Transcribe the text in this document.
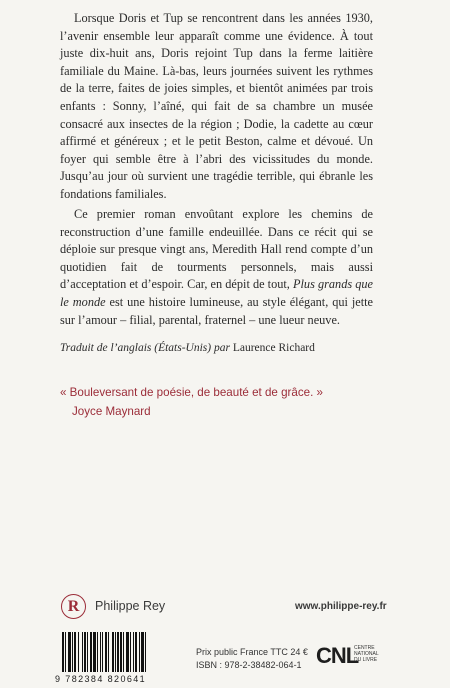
Lorsque Doris et Tup se rencontrent dans les années 1930, l’avenir ensemble leur apparaît comme une évidence. À tout juste dix-huit ans, Doris rejoint Tup dans la ferme laitière familiale du Maine. Là-bas, leurs journées suivent les rythmes de la terre, faites de joies simples, et bientôt animées par trois enfants : Sonny, l’aîné, qui fait de sa chambre un musée consacré aux insectes de la région ; Dodie, la cadette au cœur affirmé et généreux ; et le petit Beston, calme et dévoué. Un foyer qui semble être à l’abri des vicissitudes du monde. Jusqu’au jour où survient une tragédie terrible, qui ébranle les fondations familiales.

Ce premier roman envoûtant explore les chemins de reconstruction d’une famille endeuillée. Dans ce récit qui se déploie sur presque vingt ans, Meredith Hall rend compte d’un quotidien fait de tourments personnels, mais aussi d’acceptation et d’espoir. Car, en dépit de tout, Plus grands que le monde est une histoire lumineuse, au style élégant, qui jette sur l’amour – filial, parental, fraternel – une lueur neuve.

Traduit de l’anglais (États-Unis) par Laurence Richard

« Bouleversant de poésie, de beauté et de grâce. »

Joyce Maynard

R Philippe Rey	www.philippe-rey.fr

9 782384 820641

Prix public France TTC 24 €

ISBN : 978-2-38482-064-1 CNL

CENTRE NATIONAL DU LIVRE
